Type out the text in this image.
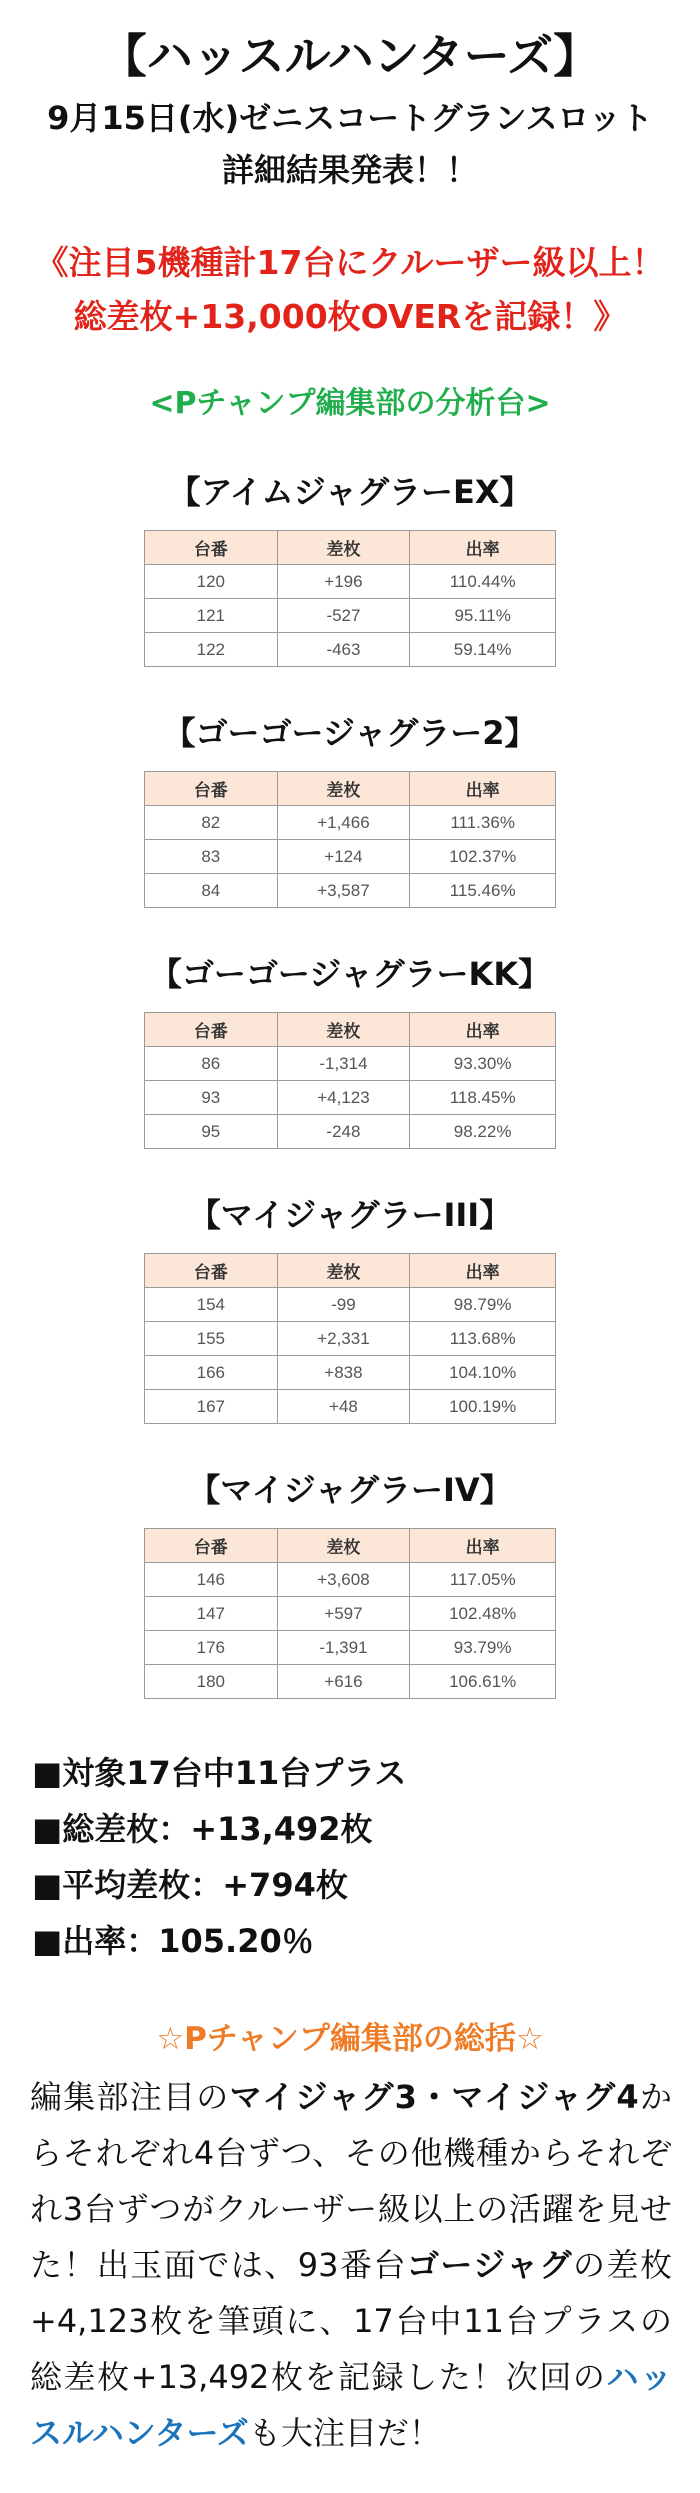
【ハッスルハンターズ】
9月15日(水)ゼニスコートグランスロット
詳細結果発表！！
《注目5機種計17台にクルーザー級以上！
総差枚+13,000枚OVERを記録！》
<Pチャンプ編集部の分析台>
【アイムジャグラーEX】
台番	差枚	出率
120	+196	110.44%
121	-527	95.11%
122	-463	59.14%
【ゴーゴージャグラー2】
台番	差枚	出率
82	+1,466	111.36%
83	+124	102.37%
84	+3,587	115.46%
【ゴーゴージャグラーKK】
台番	差枚	出率
86	-1,314	93.30%
93	+4,123	118.45%
95	-248	98.22%
【マイジャグラーIII】
台番	差枚	出率
154	-99	98.79%
155	+2,331	113.68%
166	+838	104.10%
167	+48	100.19%
【マイジャグラーIV】
台番	差枚	出率
146	+3,608	117.05%
147	+597	102.48%
176	-1,391	93.79%
180	+616	106.61%
■対象17台中11台プラス
■総差枚：+13,492枚
■平均差枚：+794枚
■出率：105.20％
☆Pチャンプ編集部の総括☆
編集部注目のマイジャグ3・マイジャグ4からそれぞれ4台ずつ、その他機種からそれぞれ3台ずつがクルーザー級以上の活躍を見せた！出玉面では、93番台ゴージャグの差枚+4,123枚を筆頭に、17台中11台プラスの総差枚+13,492枚を記録した！次回のハッスルハンターズも大注目だ！
